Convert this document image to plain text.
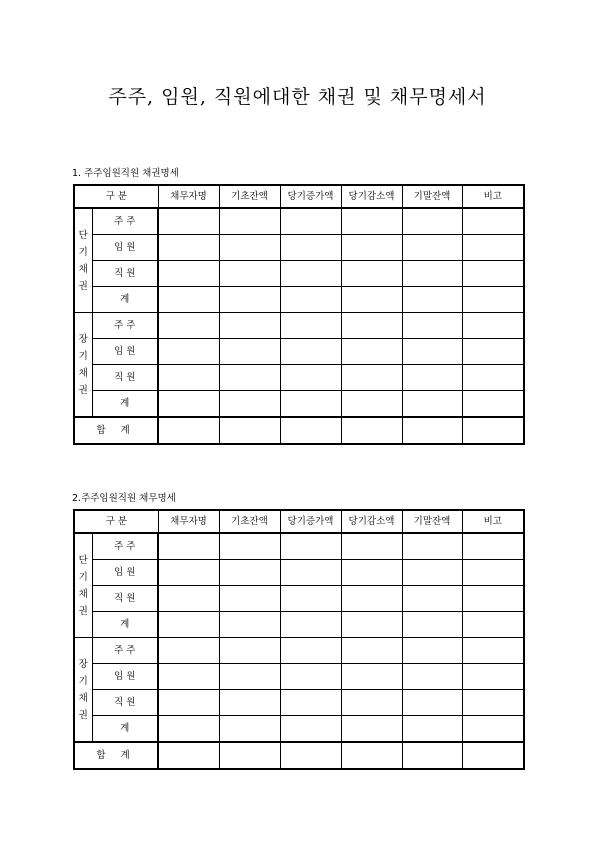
주주, 임원, 직원에대한 채권 및 채무명세서
1. 주주임원직원 채권명세
구 분		채무자명	기초잔액	당기증가액	당기감소액	기말잔액	비고

단
기
채
권	주 주						
	임 원						
	직 원						
	계						

장
기
채
권	주 주						
	임 원						
	직 원						
	계						
합 계							
2.주주임원직원 채무명세
구 분		채무자명	기초잔액	당기증가액	당기감소액	기말잔액	비고

단
기
채
권	주 주						
	임 원						
	직 원						
	계						

장
기
채
권	주 주						
	임 원						
	직 원						
	계						
합 계							
